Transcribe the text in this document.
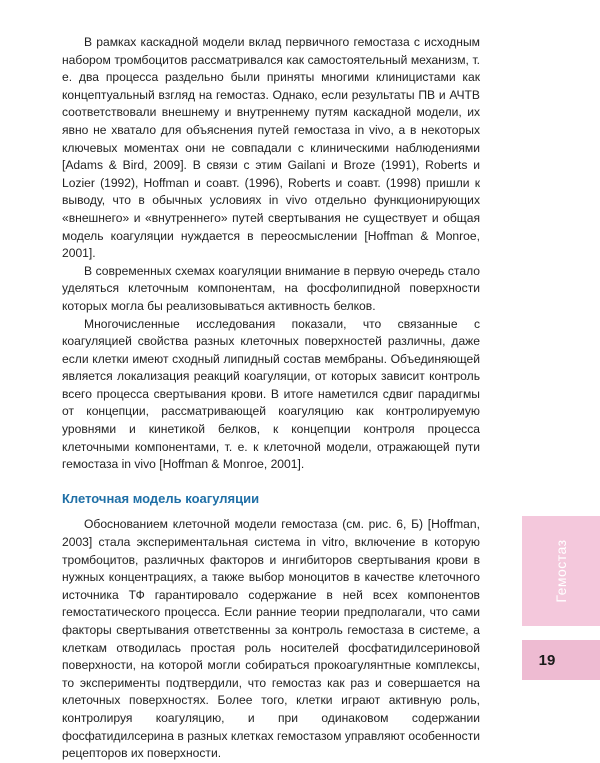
В рамках каскадной модели вклад первичного гемостаза с исходным набором тромбоцитов рассматривался как самостоятельный механизм, т. е. два процесса раздельно были приняты многими клиницистами как концептуальный взгляд на гемостаз. Однако, если результаты ПВ и АЧТВ соответствовали внешнему и внутреннему путям каскадной модели, их явно не хватало для объяснения путей гемостаза in vivo, а в некоторых ключевых моментах они не совпадали с клиническими наблюдениями [Adams & Bird, 2009]. В связи с этим Gailani и Broze (1991), Roberts и Lozier (1992), Hoffman и соавт. (1996), Roberts и соавт. (1998) пришли к выводу, что в обычных условиях in vivo отдельно функционирующих «внешнего» и «внутреннего» путей свертывания не существует и общая модель коагуляции нуждается в переосмыслении [Hoffman & Monroe, 2001].

В современных схемах коагуляции внимание в первую очередь стало уделяться клеточным компонентам, на фосфолипидной поверхности которых могла бы реализовываться активность белков.

Многочисленные исследования показали, что связанные с коагуляцией свойства разных клеточных поверхностей различны, даже если клетки имеют сходный липидный состав мембраны. Объединяющей является локализация реакций коагуляции, от которых зависит контроль всего процесса свертывания крови. В итоге наметился сдвиг парадигмы от концепции, рассматривающей коагуляцию как контролируемую уровнями и кинетикой белков, к концепции контроля процесса клеточными компонентами, т. е. к клеточной модели, отражающей пути гемостаза in vivo [Hoffman & Monroe, 2001].

Клеточная модель коагуляции

Обоснованием клеточной модели гемостаза (см. рис. 6, Б) [Hoffman, 2003] стала экспериментальная система in vitro, включение в которую тромбоцитов, различных факторов и ингибиторов свертывания крови в нужных концентрациях, а также выбор моноцитов в качестве клеточного источника ТФ гарантировало содержание в ней всех компонентов гемостатического процесса. Если ранние теории предполагали, что сами факторы свертывания ответственны за контроль гемостаза в системе, а клеткам отводилась простая роль носителей фосфатидилсериновой поверхности, на которой могли собираться прокоагулянтные комплексы, то эксперименты подтвердили, что гемостаз как раз и совершается на клеточных поверхностях. Более того, клетки играют активную роль, контролируя коагуляцию, и при одинаковом содержании фосфатидилсерина в разных клетках гемостазом управляют особенности рецепторов их поверхности.

Гемостаз
19
